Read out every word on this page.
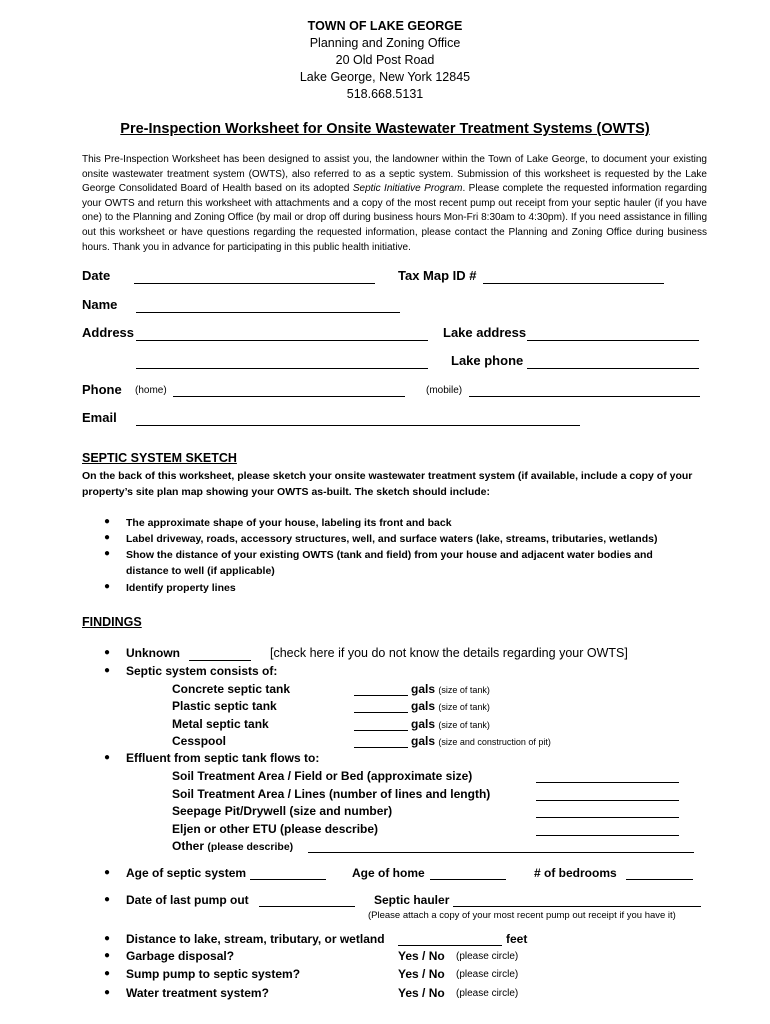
TOWN OF LAKE GEORGE
Planning and Zoning Office
20 Old Post Road
Lake George, New York 12845
518.668.5131
Pre-Inspection Worksheet for Onsite Wastewater Treatment Systems (OWTS)
This Pre-Inspection Worksheet has been designed to assist you, the landowner within the Town of Lake George, to document your existing onsite wastewater treatment system (OWTS), also referred to as a septic system. Submission of this worksheet is requested by the Lake George Consolidated Board of Health based on its adopted Septic Initiative Program. Please complete the requested information regarding your OWTS and return this worksheet with attachments and a copy of the most recent pump out receipt from your septic hauler (if you have one) to the Planning and Zoning Office (by mail or drop off during business hours Mon-Fri 8:30am to 4:30pm). If you need assistance in filling out this worksheet or have questions regarding the requested information, please contact the Planning and Zoning Office during business hours. Thank you in advance for participating in this public health initiative.
Date	Tax Map ID #
Name
Address	Lake address
Lake phone
Phone (home)	(mobile)
Email
SEPTIC SYSTEM SKETCH
On the back of this worksheet, please sketch your onsite wastewater treatment system (if available, include a copy of your property’s site plan map showing your OWTS as-built. The sketch should include:
● The approximate shape of your house, labeling its front and back
● Label driveway, roads, accessory structures, well, and surface waters (lake, streams, tributaries, wetlands)
● Show the distance of your existing OWTS (tank and field) from your house and adjacent water bodies and distance to well (if applicable)
● Identify property lines
FINDINGS
● Unknown	[check here if you do not know the details regarding your OWTS]
● Septic system consists of:
Concrete septic tank	gals (size of tank)
Plastic septic tank	gals (size of tank)
Metal septic tank	gals (size of tank)
Cesspool	gals (size and construction of pit)
● Effluent from septic tank flows to:
Soil Treatment Area / Field or Bed (approximate size)
Soil Treatment Area / Lines (number of lines and length)
Seepage Pit/Drywell (size and number)
Eljen or other ETU (please describe)
Other (please describe)
● Age of septic system	Age of home	# of bedrooms
● Date of last pump out	Septic hauler
(Please attach a copy of your most recent pump out receipt if you have it)
● Distance to lake, stream, tributary, or wetland	feet
● Garbage disposal?	Yes / No (please circle)
● Sump pump to septic system?	Yes / No (please circle)
● Water treatment system?	Yes / No (please circle)
